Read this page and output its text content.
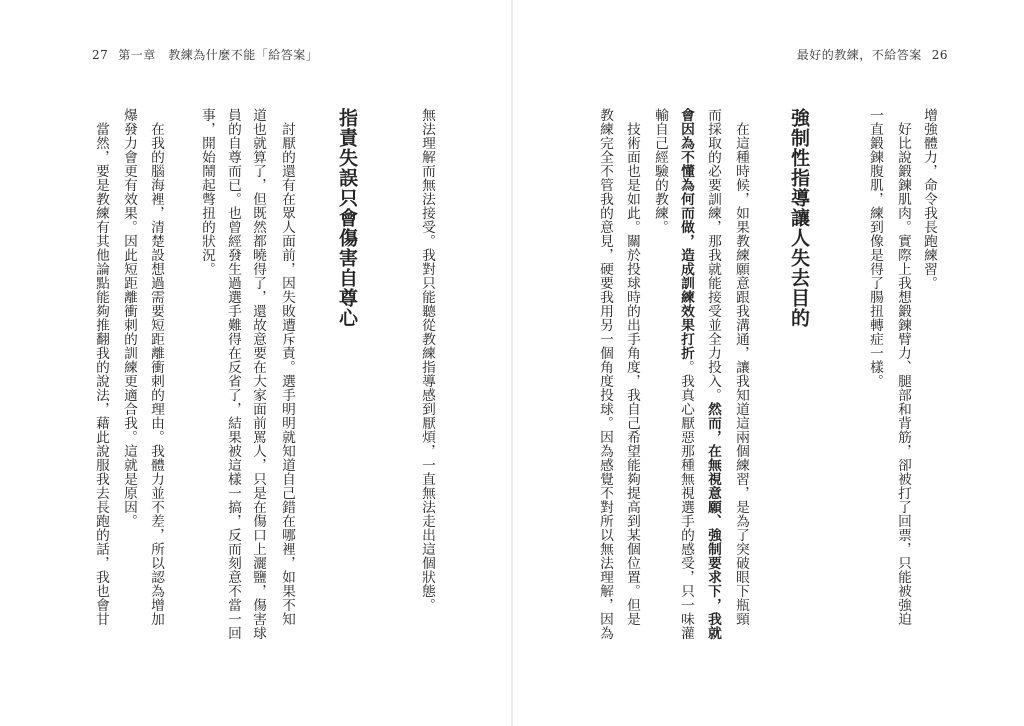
27 第一章　教練為什麼不能「給答案」
無法理解而無法接受。我對只能聽從教練指導感到厭煩，一直無法走出這個狀態。
指責失誤只會傷害自尊心
　討厭的還有在眾人面前，因失敗遭斥責。選手明明就知道自己錯在哪裡，如果不知
道也就算了，但既然都曉得了，還故意要在大家面前罵人，只是在傷口上灑鹽，傷害球
員的自尊而已。也曾經發生過選手難得在反省了，結果被這樣一搞，反而刻意不當一回
事，開始鬧起彆扭的狀況。
　在我的腦海裡，清楚設想過需要短距離衝刺的理由。我體力並不差，所以認為增加
爆發力會更有效果。因此短距離衝刺的訓練更適合我。這就是原因。
　當然，要是教練有其他論點能夠推翻我的說法，藉此說服我去長跑的話，我也會甘
最好的教練，不給答案 26
增強體力，命令我長跑練習。
　好比說鍛鍊肌肉。實際上我想鍛鍊臂力、腿部和背筋，卻被打了回票，只能被強迫
一直鍛鍊腹肌，練到像是得了腸扭轉症一樣。
強制性指導讓人失去目的
　在這種時候，如果教練願意跟我溝通，讓我知道這兩個練習，是為了突破眼下瓶頸
而採取的必要訓練，那我就能接受並全力投入。然而，在無視意願、強制要求下，我就
會因為不懂為何而做，造成訓練效果打折。我真心厭惡那種無視選手的感受，只一味灌
輸自己經驗的教練。
　技術面也是如此。關於投球時的出手角度，我自己希望能夠提高到某個位置。但是
教練完全不管我的意見，硬要我用另一個角度投球。因為感覺不對所以無法理解，因為
